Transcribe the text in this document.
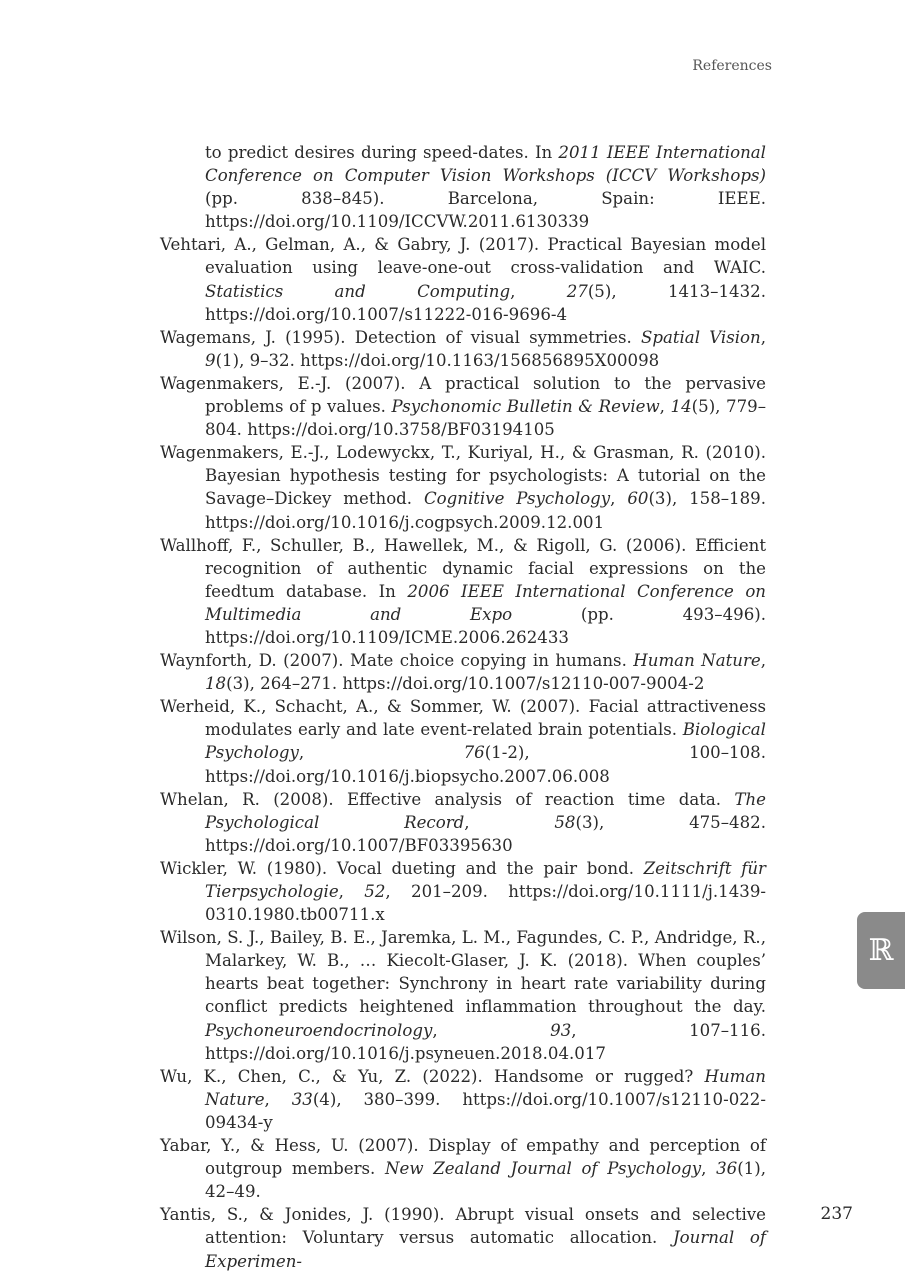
References
to predict desires during speed-dates. In 2011 IEEE International Conference on Computer Vision Workshops (ICCV Workshops) (pp. 838–845). Barcelona, Spain: IEEE. https://doi.org/10.1109/ICCVW.2011.6130339
Vehtari, A., Gelman, A., & Gabry, J. (2017). Practical Bayesian model evaluation using leave-one-out cross-validation and WAIC. Statistics and Computing, 27(5), 1413–1432. https://doi.org/10.1007/s11222-016-9696-4
Wagemans, J. (1995). Detection of visual symmetries. Spatial Vision, 9(1), 9–32. https://doi.org/10.1163/156856895X00098
Wagenmakers, E.-J. (2007). A practical solution to the pervasive problems of p values. Psychonomic Bulletin & Review, 14(5), 779–804. https://doi.org/10.3758/BF03194105
Wagenmakers, E.-J., Lodewyckx, T., Kuriyal, H., & Grasman, R. (2010). Bayesian hypothesis testing for psychologists: A tutorial on the Savage–Dickey method. Cognitive Psychology, 60(3), 158–189. https://doi.org/10.1016/j.cogpsych.2009.12.001
Wallhoff, F., Schuller, B., Hawellek, M., & Rigoll, G. (2006). Efficient recognition of authentic dynamic facial expressions on the feedtum database. In 2006 IEEE International Conference on Multimedia and Expo (pp. 493–496). https://doi.org/10.1109/ICME.2006.262433
Waynforth, D. (2007). Mate choice copying in humans. Human Nature, 18(3), 264–271. https://doi.org/10.1007/s12110-007-9004-2
Werheid, K., Schacht, A., & Sommer, W. (2007). Facial attractiveness modulates early and late event-related brain potentials. Biological Psychology, 76(1-2), 100–108. https://doi.org/10.1016/j.biopsycho.2007.06.008
Whelan, R. (2008). Effective analysis of reaction time data. The Psychological Record, 58(3), 475–482. https://doi.org/10.1007/BF03395630
Wickler, W. (1980). Vocal dueting and the pair bond. Zeitschrift für Tierpsychologie, 52, 201–209. https://doi.org/10.1111/j.1439-0310.1980.tb00711.x
Wilson, S. J., Bailey, B. E., Jaremka, L. M., Fagundes, C. P., Andridge, R., Malarkey, W. B., … Kiecolt-Glaser, J. K. (2018). When couples’ hearts beat together: Synchrony in heart rate variability during conflict predicts heightened inflammation throughout the day. Psychoneuroendocrinology, 93, 107–116. https://doi.org/10.1016/j.psyneuen.2018.04.017
Wu, K., Chen, C., & Yu, Z. (2022). Handsome or rugged? Human Nature, 33(4), 380–399. https://doi.org/10.1007/s12110-022-09434-y
Yabar, Y., & Hess, U. (2007). Display of empathy and perception of outgroup members. New Zealand Journal of Psychology, 36(1), 42–49.
Yantis, S., & Jonides, J. (1990). Abrupt visual onsets and selective attention: Voluntary versus automatic allocation. Journal of Experimen-
ℝ
237
